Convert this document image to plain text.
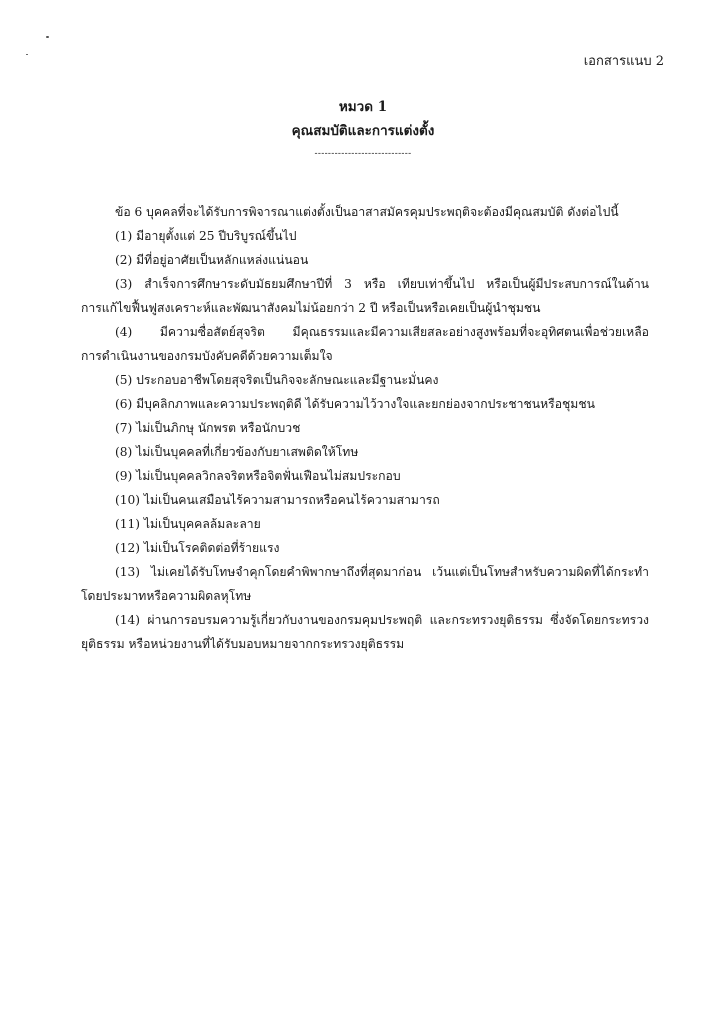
เอกสารแนบ 2
หมวด 1
คุณสมบัติและการแต่งตั้ง
-----------------------------
ข้อ 6 บุคคลที่จะได้รับการพิจารณาแต่งตั้งเป็นอาสาสมัครคุมประพฤติจะต้องมีคุณสมบัติ ดังต่อไปนี้
(1) มีอายุตั้งแต่ 25 ปีบริบูรณ์ขึ้นไป
(2) มีที่อยู่อาศัยเป็นหลักแหล่งแน่นอน
(3) สำเร็จการศึกษาระดับมัธยมศึกษาปีที่ 3 หรือ เทียบเท่าขึ้นไป หรือเป็นผู้มีประสบการณ์ในด้าน
การแก้ไขฟื้นฟูสงเคราะห์และพัฒนาสังคมไม่น้อยกว่า 2 ปี หรือเป็นหรือเคยเป็นผู้นำชุมชน
(4) มีความซื่อสัตย์สุจริต มีคุณธรรมและมีความเสียสละอย่างสูงพร้อมที่จะอุทิศตนเพื่อช่วยเหลือ
การดำเนินงานของกรมบังคับคดีด้วยความเต็มใจ
(5) ประกอบอาชีพโดยสุจริตเป็นกิจจะลักษณะและมีฐานะมั่นคง
(6) มีบุคลิกภาพและความประพฤติดี ได้รับความไว้วางใจและยกย่องจากประชาชนหรือชุมชน
(7) ไม่เป็นภิกษุ นักพรต หรือนักบวช
(8) ไม่เป็นบุคคลที่เกี่ยวข้องกับยาเสพติดให้โทษ
(9) ไม่เป็นบุคคลวิกลจริตหรือจิตฟั่นเฟือนไม่สมประกอบ
(10) ไม่เป็นคนเสมือนไร้ความสามารถหรือคนไร้ความสามารถ
(11) ไม่เป็นบุคคลล้มละลาย
(12) ไม่เป็นโรคติดต่อที่ร้ายแรง
(13) ไม่เคยได้รับโทษจำคุกโดยคำพิพากษาถึงที่สุดมาก่อน เว้นแต่เป็นโทษสำหรับความผิดที่ได้กระทำ
โดยประมาทหรือความผิดลหุโทษ
(14) ผ่านการอบรมความรู้เกี่ยวกับงานของกรมคุมประพฤติ และกระทรวงยุติธรรม ซึ่งจัดโดยกระทรวง
ยุติธรรม หรือหน่วยงานที่ได้รับมอบหมายจากกระทรวงยุติธรรม
